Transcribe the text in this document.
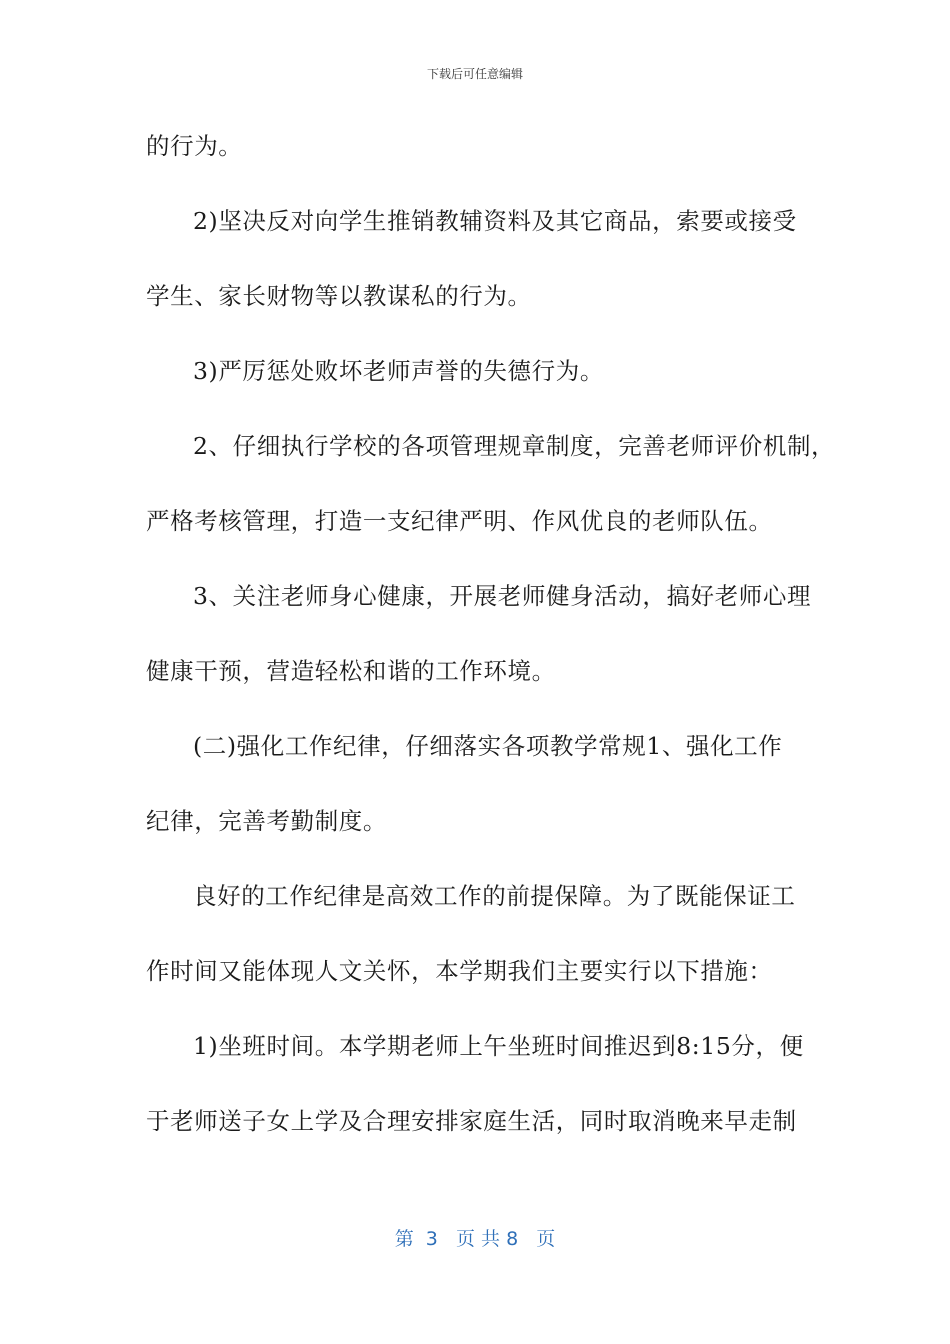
下载后可任意编辑
的行为。
2)坚决反对向学生推销教辅资料及其它商品，索要或接受
学生、家长财物等以教谋私的行为。
3)严厉惩处败坏老师声誉的失德行为。
2、仔细执行学校的各项管理规章制度，完善老师评价机制，
严格考核管理，打造一支纪律严明、作风优良的老师队伍。
3、关注老师身心健康，开展老师健身活动，搞好老师心理
健康干预，营造轻松和谐的工作环境。
(二)强化工作纪律，仔细落实各项教学常规1、强化工作
纪律，完善考勤制度。
良好的工作纪律是高效工作的前提保障。为了既能保证工
作时间又能体现人文关怀，本学期我们主要实行以下措施：
1)坐班时间。本学期老师上午坐班时间推迟到8:15分，便
于老师送子女上学及合理安排家庭生活，同时取消晚来早走制
第  3   页 共 8   页
